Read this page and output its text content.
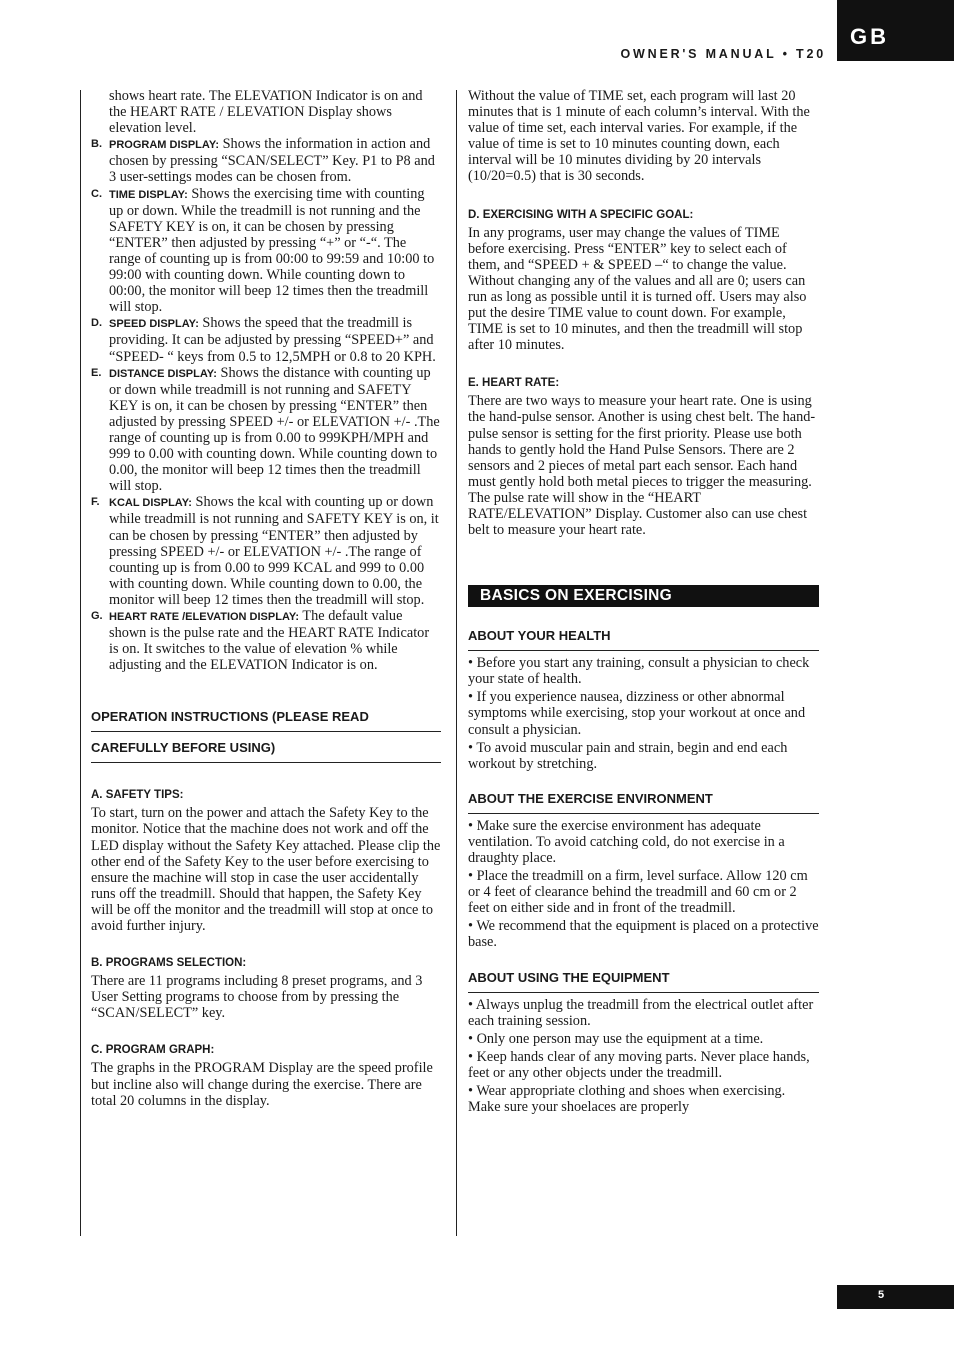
GB
OWNER'S MANUAL • T20
shows heart rate. The ELEVATION Indicator is on and the HEART RATE / ELEVATION Display shows elevation level.
B. PROGRAM DISPLAY: Shows the information in action and chosen by pressing “SCAN/SELECT” Key. P1 to P8 and 3 user-settings modes can be chosen from.
C. TIME DISPLAY: Shows the exercising time with counting up or down. While the treadmill is not running and the SAFETY KEY is on, it can be chosen by pressing “ENTER” then adjusted by pressing “+” or “-“. The range of counting up is from 00:00 to 99:59 and 10:00 to 99:00 with counting down. While counting down to 00:00, the monitor will beep 12 times then the treadmill will stop.
D. SPEED DISPLAY: Shows the speed that the treadmill is providing. It can be adjusted by pressing “SPEED+” and “SPEED- “ keys from 0.5 to 12,5MPH or 0.8 to 20 KPH.
E. DISTANCE DISPLAY: Shows the distance with counting up or down while treadmill is not running and SAFETY KEY is on, it can be chosen by pressing “ENTER” then adjusted by pressing SPEED +/- or ELEVATION +/- .The range of counting up is from 0.00 to 999KPH/MPH and 999 to 0.00 with counting down. While counting down to 0.00, the monitor will beep 12 times then the treadmill will stop.
F. KCAL DISPLAY: Shows the kcal with counting up or down while treadmill is not running and SAFETY KEY is on, it can be chosen by pressing “ENTER” then adjusted by pressing SPEED +/- or ELEVATION +/- .The range of counting up is from 0.00 to 999 KCAL and 999 to 0.00 with counting down. While counting down to 0.00, the monitor will beep 12 times then the treadmill will stop.
G. HEART RATE /ELEVATION DISPLAY: The default value shown is the pulse rate and the HEART RATE Indicator is on. It switches to the value of elevation % while adjusting and the ELEVATION Indicator is on.
OPERATION INSTRUCTIONS (PLEASE READ
CAREFULLY BEFORE USING)
A. SAFETY TIPS:

To start, turn on the power and attach the Safety Key to the monitor. Notice that the machine does not work and off the LED display without the Safety Key attached. Please clip the other end of the Safety Key to the user before exercising to ensure the machine will stop in case the user accidentally runs off the treadmill. Should that happen, the Safety Key will be off the monitor and the treadmill will stop at once to avoid further injury.

B. PROGRAMS SELECTION:

There are 11 programs including 8 preset programs, and 3 User Setting programs to choose from by pressing the “SCAN/SELECT” key.

C. PROGRAM GRAPH:

The graphs in the PROGRAM Display are the speed profile but incline also will change during the exercise. There are total 20 columns in the display.

Without the value of TIME set, each program will last 20 minutes that is 1 minute of each column’s interval. With the value of time set, each interval varies. For example, if the value of time is set to 10 minutes counting down, each interval will be 10 minutes dividing by 20 intervals (10/20=0.5) that is 30 seconds.

D. EXERCISING WITH A SPECIFIC GOAL:

In any programs, user may change the values of TIME before exercising. Press “ENTER” key to select each of them, and “SPEED + & SPEED –“ to change the value. Without changing any of the values and all are 0; users can run as long as possible until it is turned off. Users may also put the desire TIME value to count down. For example, TIME is set to 10 minutes, and then the treadmill will stop after 10 minutes.

E. HEART RATE:

There are two ways to measure your heart rate. One is using the hand-pulse sensor. Another is using chest belt. The hand-pulse sensor is setting for the first priority. Please use both hands to gently hold the Hand Pulse Sensors. There are 2 sensors and 2 pieces of metal part each sensor. Each hand must gently hold both metal pieces to trigger the measuring. The pulse rate will show in the “HEART RATE/ELEVATION” Display. Customer also can use chest belt to measure your heart rate.

BASICS ON EXERCISING
ABOUT YOUR HEALTH

• Before you start any training, consult a physician to check your state of health.

• If you experience nausea, dizziness or other abnormal symptoms while exercising, stop your workout at once and consult a physician.

• To avoid muscular pain and strain, begin and end each workout by stretching.

ABOUT THE EXERCISE ENVIRONMENT

• Make sure the exercise environment has adequate ventilation. To avoid catching cold, do not exercise in a draughty place.

• Place the treadmill on a firm, level surface. Allow 120 cm or 4 feet of clearance behind the treadmill and 60 cm or 2 feet on either side and in front of the treadmill.

• We recommend that the equipment is placed on a protective base.

ABOUT USING THE EQUIPMENT

• Always unplug the treadmill from the electrical outlet after each training session.

• Only one person may use the equipment at a time.

• Keep hands clear of any moving parts. Never place hands, feet or any other objects under the treadmill.

• Wear appropriate clothing and shoes when exercising. Make sure your shoelaces are properly

5
